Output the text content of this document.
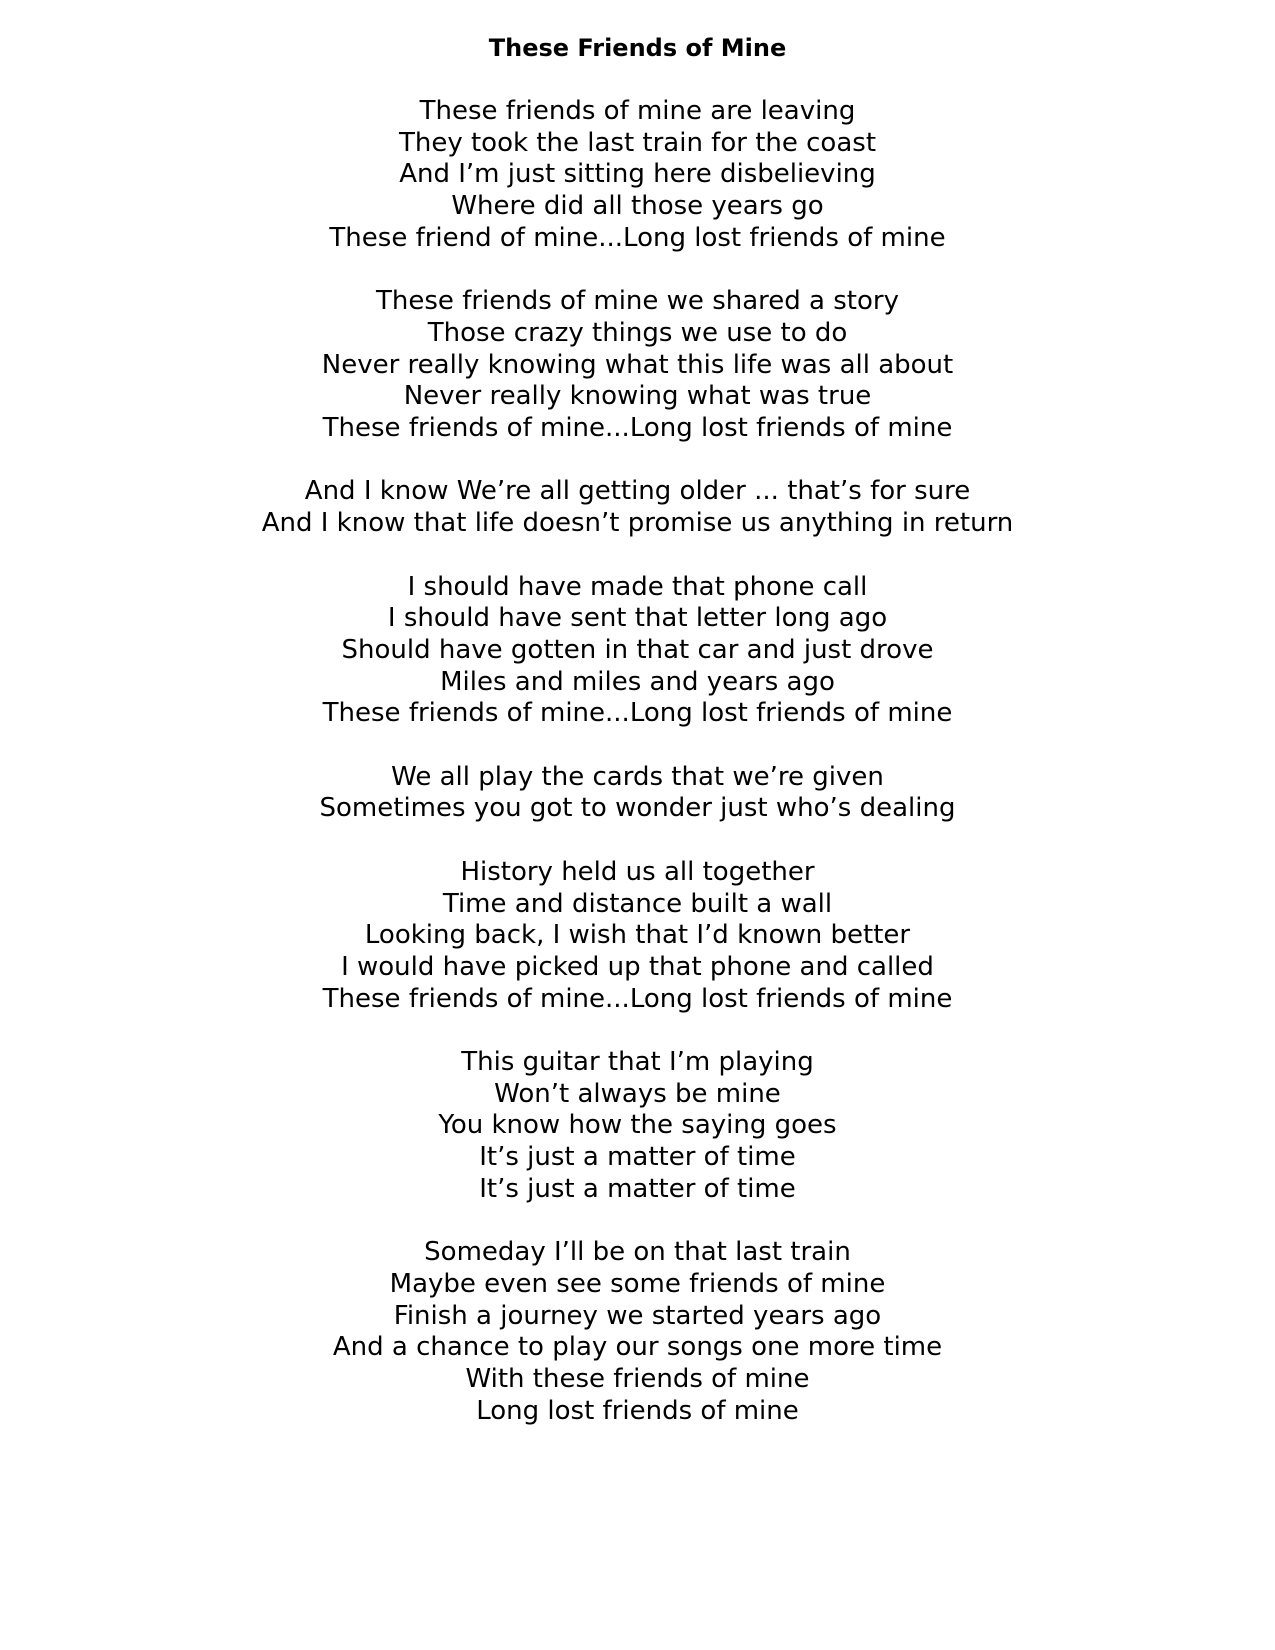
These Friends of Mine
These friends of mine are leaving
They took the last train for the coast
And I’m just sitting here disbelieving
Where did all those years go
These friend of mine...Long lost friends of mine
These friends of mine we shared a story
Those crazy things we use to do
Never really knowing what this life was all about
Never really knowing what was true
These friends of mine...Long lost friends of mine
And I know We’re all getting older ... that’s for sure
And I know that life doesn’t promise us anything in return
I should have made that phone call
I should have sent that letter long ago
Should have gotten in that car and just drove
Miles and miles and years ago
These friends of mine...Long lost friends of mine
We all play the cards that we’re given
Sometimes you got to wonder just who’s dealing
History held us all together
Time and distance built a wall
Looking back, I wish that I’d known better
I would have picked up that phone and called
These friends of mine...Long lost friends of mine
This guitar that I’m playing
Won’t always be mine
You know how the saying goes
It’s just a matter of time
It’s just a matter of time
Someday I’ll be on that last train
Maybe even see some friends of mine
Finish a journey we started years ago
And a chance to play our songs one more time
With these friends of mine
Long lost friends of mine
